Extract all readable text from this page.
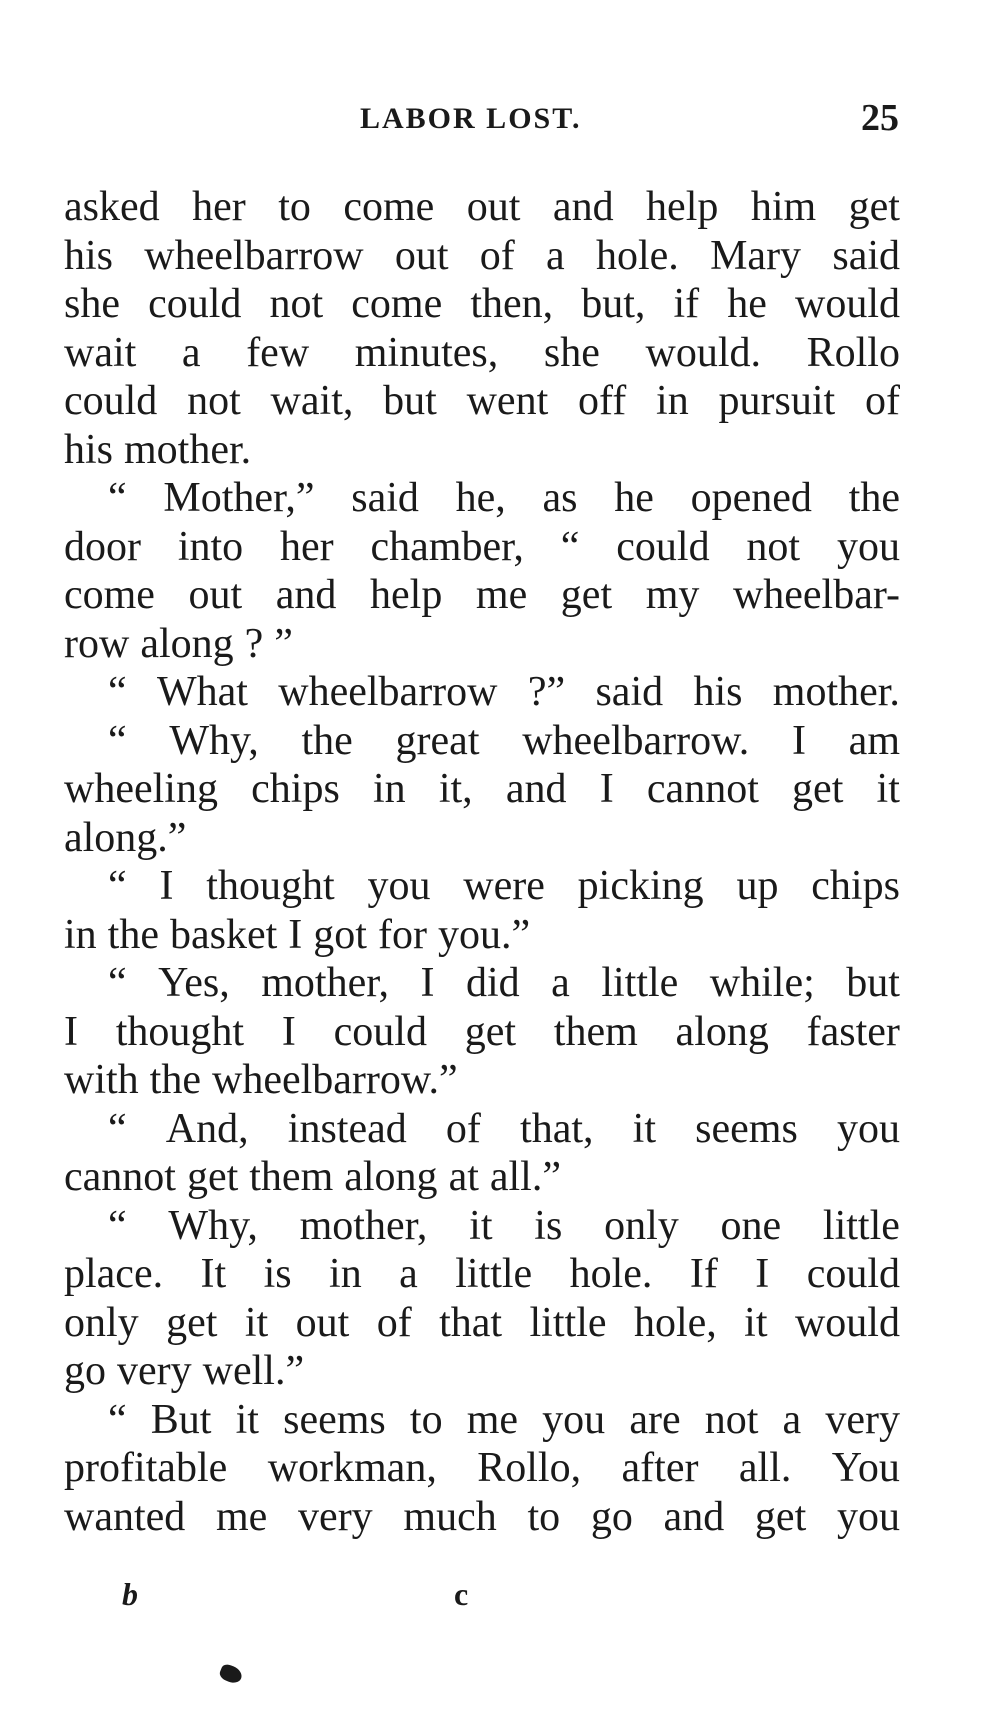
LABOR LOST.	25
asked her to come out and help him get
his wheelbarrow out of a hole. Mary said
she could not come then, but, if he would
wait a few minutes, she would. Rollo
could not wait, but went off in pursuit of
his mother.
“ Mother,” said he, as he opened the
door into her chamber, “ could not you
come out and help me get my wheelbar-
row along ? ”
“ What wheelbarrow ?” said his mother.
“ Why, the great wheelbarrow. I am
wheeling chips in it, and I cannot get it
along.”
“ I thought you were picking up chips
in the basket I got for you.”
“ Yes, mother, I did a little while; but
I thought I could get them along faster
with the wheelbarrow.”
“ And, instead of that, it seems you
cannot get them along at all.”
“ Why, mother, it is only one little
place. It is in a little hole. If I could
only get it out of that little hole, it would
go very well.”
“ But it seems to me you are not a very
profitable workman, Rollo, after all. You
wanted me very much to go and get you
b	c
